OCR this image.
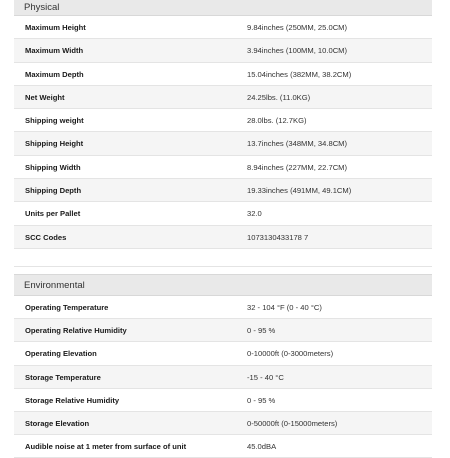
Physical
Maximum Height	9.84inches (250MM, 25.0CM)
Maximum Width	3.94inches (100MM, 10.0CM)
Maximum Depth	15.04inches (382MM, 38.2CM)
Net Weight	24.25lbs. (11.0KG)
Shipping weight	28.0lbs. (12.7KG)
Shipping Height	13.7inches (348MM, 34.8CM)
Shipping Width	8.94inches (227MM, 22.7CM)
Shipping Depth	19.33inches (491MM, 49.1CM)
Units per Pallet	32.0
SCC Codes	1073130433178 7
Environmental
Operating Temperature	32 - 104 °F (0 - 40 °C)
Operating Relative Humidity	0 - 95 %
Operating Elevation	0-10000ft (0-3000meters)
Storage Temperature	-15 - 40 °C
Storage Relative Humidity	0 - 95 %
Storage Elevation	0-50000ft (0-15000meters)
Audible noise at 1 meter from surface of unit	45.0dBA
